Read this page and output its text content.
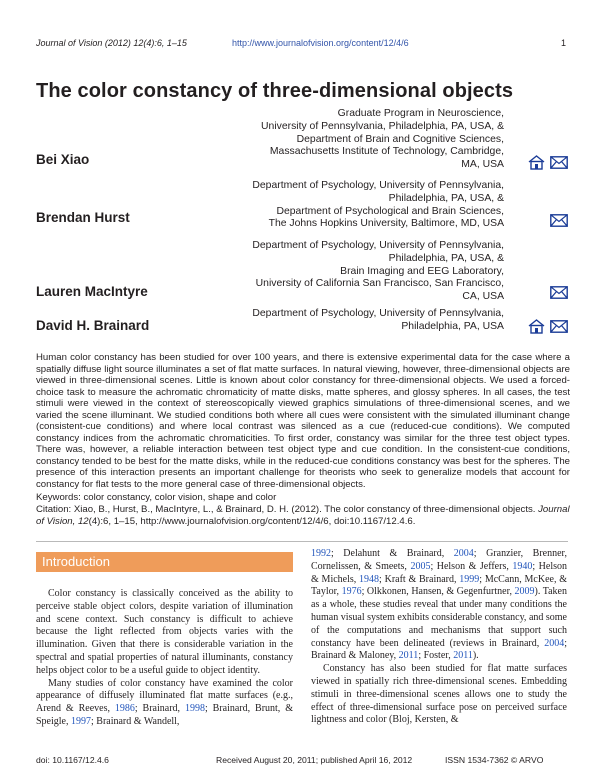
Journal of Vision (2012) 12(4):6, 1–15	http://www.journalofvision.org/content/12/4/6	1
The color constancy of three-dimensional objects
Bei Xiao
Graduate Program in Neuroscience,
University of Pennsylvania, Philadelphia, PA, USA, &
Department of Brain and Cognitive Sciences,
Massachusetts Institute of Technology, Cambridge,
MA, USA
Brendan Hurst
Department of Psychology, University of Pennsylvania,
Philadelphia, PA, USA, &
Department of Psychological and Brain Sciences,
The Johns Hopkins University, Baltimore, MD, USA
Lauren MacIntyre
Department of Psychology, University of Pennsylvania,
Philadelphia, PA, USA, &
Brain Imaging and EEG Laboratory,
University of California San Francisco, San Francisco,
CA, USA
David H. Brainard
Department of Psychology, University of Pennsylvania,
Philadelphia, PA, USA
Human color constancy has been studied for over 100 years, and there is extensive experimental data for the case where a spatially diffuse light source illuminates a set of flat matte surfaces. In natural viewing, however, three-dimensional objects are viewed in three-dimensional scenes. Little is known about color constancy for three-dimensional objects. We used a forced-choice task to measure the achromatic chromaticity of matte disks, matte spheres, and glossy spheres. In all cases, the test stimuli were viewed in the context of stereoscopically viewed graphics simulations of three-dimensional scenes, and we varied the scene illuminant. We studied conditions both where all cues were consistent with the simulated illuminant change (consistent-cue conditions) and where local contrast was silenced as a cue (reduced-cue conditions). We computed constancy indices from the achromatic chromaticities. To first order, constancy was similar for the three test object types. There was, however, a reliable interaction between test object type and cue condition. In the consistent-cue conditions, constancy tended to be best for the matte disks, while in the reduced-cue conditions constancy was best for the spheres. The presence of this interaction presents an important challenge for theorists who seek to generalize models that account for constancy for flat tests to the more general case of three-dimensional objects.
Keywords: color constancy, color vision, shape and color
Citation: Xiao, B., Hurst, B., MacIntyre, L., & Brainard, D. H. (2012). The color constancy of three-dimensional objects. Journal of Vision, 12(4):6, 1–15, http://www.journalofvision.org/content/12/4/6, doi:10.1167/12.4.6.
Introduction

Color constancy is classically conceived as the ability to perceive stable object colors, despite variation of illumination and scene context. Such constancy is difficult to achieve because the light reflected from objects varies with the illumination. Given that there is considerable variation in the spectral and spatial properties of natural illuminants, constancy helps object color to be a useful guide to object identity.

Many studies of color constancy have examined the color appearance of diffusely illuminated flat matte surfaces (e.g., Arend & Reeves, 1986; Brainard, 1998; Brainard, Brunt, & Speigle, 1997; Brainard & Wandell,

1992; Delahunt & Brainard, 2004; Granzier, Brenner, Cornelissen, & Smeets, 2005; Helson & Jeffers, 1940; Helson & Michels, 1948; Kraft & Brainard, 1999; McCann, McKee, & Taylor, 1976; Olkkonen, Hansen, & Gegenfurtner, 2009). Taken as a whole, these studies reveal that under many conditions the human visual system exhibits considerable constancy, and some of the computations and mechanisms that support such constancy have been delineated (reviews in Brainard, 2004; Brainard & Maloney, 2011; Foster, 2011).

Constancy has also been studied for flat matte surfaces viewed in spatially rich three-dimensional scenes. Embedding stimuli in three-dimensional scenes allows one to study the effect of three-dimensional surface pose on perceived surface lightness and color (Bloj, Kersten, &

doi: 10.1167/12.4.6	Received August 20, 2011; published April 16, 2012	ISSN 1534-7362 © ARVO
